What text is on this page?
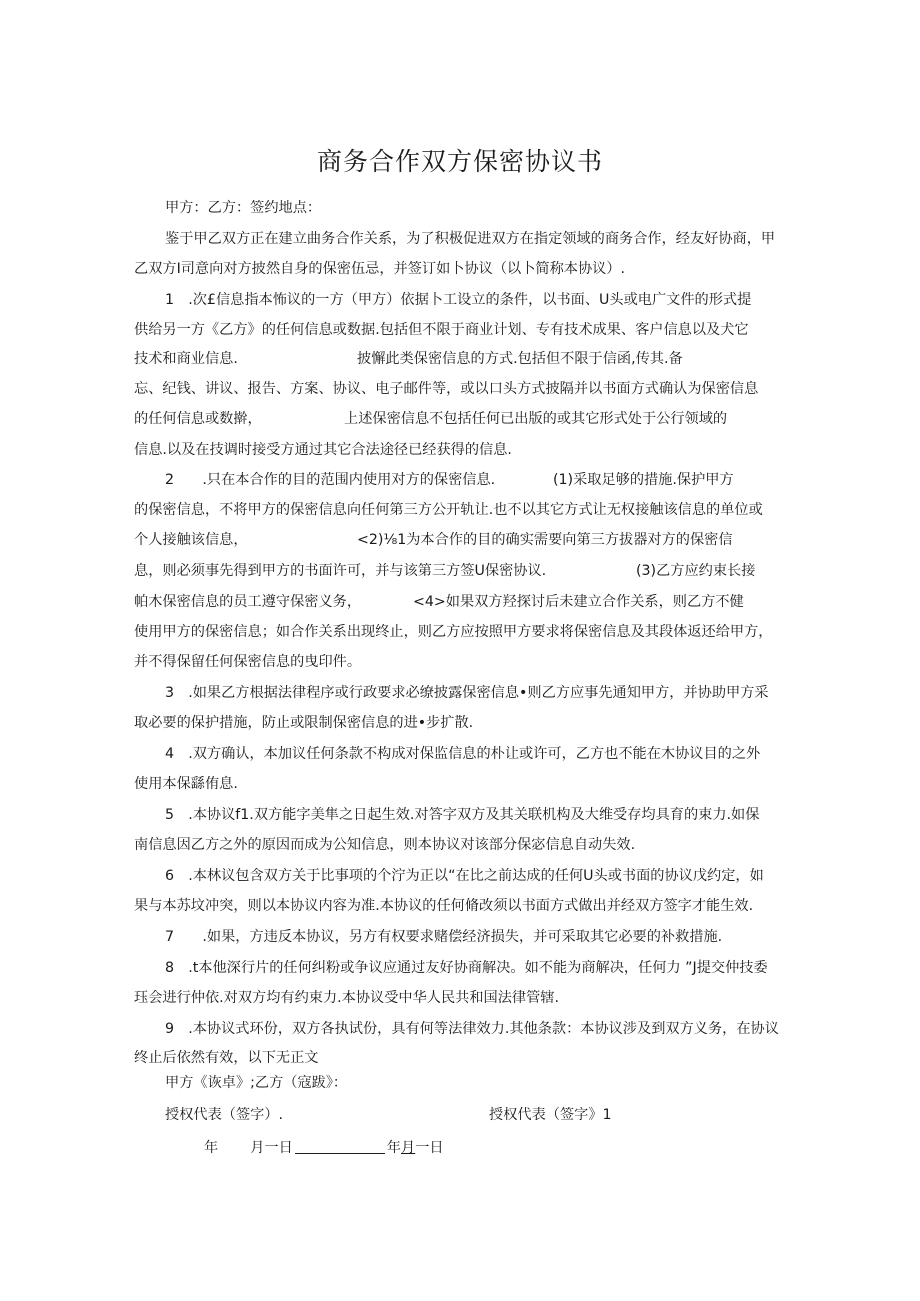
商务合作双方保密协议书
甲方：乙方：签约地点：
鉴于甲乙双方正在建立曲务合作关系，为了积极促进双方在指定领域的商务合作，经友好协商，甲
乙双方I司意向对方披然自身的保密伍忌，并签订如卜协议（以卜简称本协议）.
1　.次£信息指本怖议的一方（甲方）依据卜工设立的条件，以书面、U头或电广文件的形式提
供给另一方《乙方》的任何信息或数据.包括但不限于商业计划、专有技术成果、客户信息以及犬它
技术和商业信息.	披懈此类保密信息的方式.包括但不限于信函,传其.备
忘、纪钱、讲议、报告、方案、协议、电子邮件等，或以口头方式披隔并以书面方式确认为保密信息
的任何信息或数擀，	上述保密信息不包括任何已出版的或其它形式处于公行领域的
信息.以及在技调时接受方通过其它合法途径已经获得的信息.
2　　.只在本合作的目的范围内使用对方的保密信息.	(1)采取足够的措施.保护甲方
的保密信息，不将甲方的保密信息向任何第三方公开轨让.也不以其它方式让无权接触该信息的单位或
个人接触该信息，	<2)⅛1为本合作的目的确实需要向第三方拔器对方的保密信
息，则必须事先得到甲方的书面许可，并与该第三方签U保密协议.	(3)乙方应约束长接
帕木保密信息的员工遵守保密义务，	<4>如果双方羟探讨后未建立合作关系，则乙方不健
使用甲方的保密信息；如合作关系出现终止，则乙方应按照甲方要求将保密信息及其段体返还给甲方，
并不得保留任何保密信息的曳印件。
3　.如果乙方根据法律程序或行政要求必缭披露保密信息•则乙方应事先通知甲方，并协助甲方采
取必要的保护措施，防止或限制保密信息的进•步扩散.
4　.双方确认，本加议任何条款不构成对保监信息的朴让或许可，乙方也不能在木协议目的之外
使用本保繇侑息.
5　.本协议f1.双方能字美隼之日起生效.对答字双方及其关联机构及大维受存均具育的束力.如保
南信息因乙方之外的原因而成为公知信息，则本协议对该部分保宓信息自动失效.
6　.本林议包含双方关于比事项的个泞为正以“在比之前达成的任何U头或书面的协议戊约定，如
果与本苏坟冲突，则以本协议内容为准.本协议的任何脩改须以书面方式做出并经双方签字才能生效.
7　　.如果，方违反本协议，另方有权要求赌偿经济损失，并可采取其它必要的补救措施.
8　.t本他深行片的任何纠粉或争议应通过友好协商解决。如不能为商解决，任何力 ”J提交仲技委
珏会进行仲依.对双方均有约束力.本协议受中华人民共和国法律管辖.
9　.本协议式环份，双方各执试份，具有何等法律效力.其他条款：本协议涉及到双方义务，在协议
终止后依然有效，以下无正文
甲方《诙卓》;乙方（寇跋》：
授权代表（签字）.	授权代表（签字》1
年 月一日	年月一日
